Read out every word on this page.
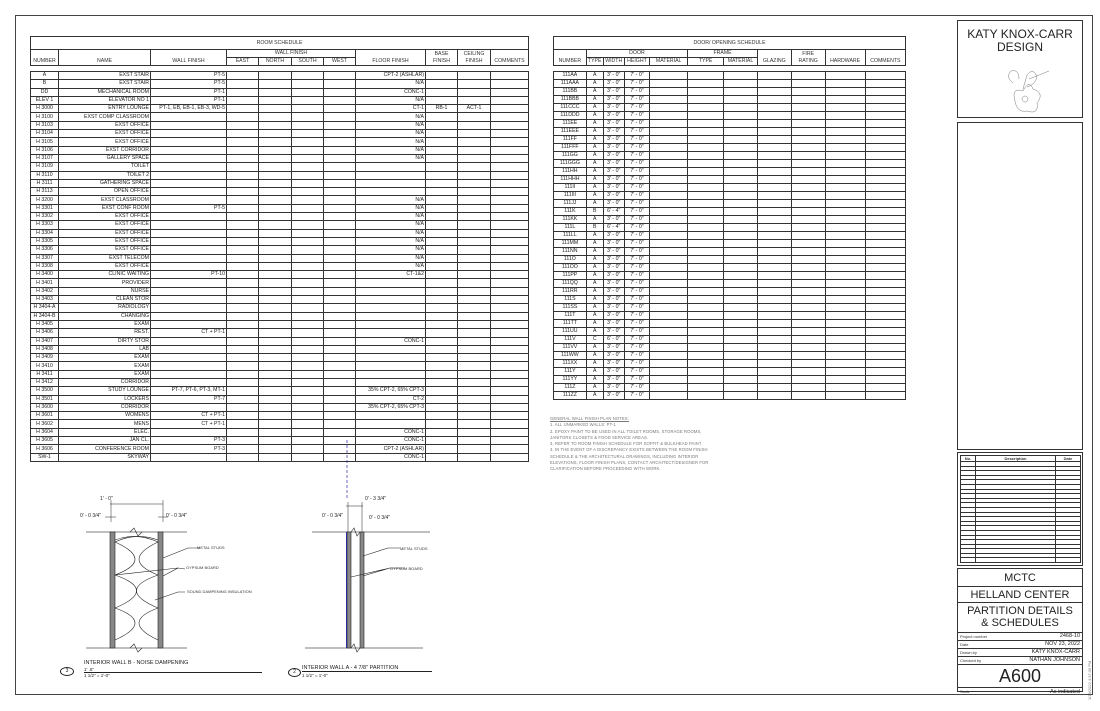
ROOM SCHEDULE										
NUMBER	NAME	WALL FINISH	WALL FINISH				FLOOR FINISH	BASE FINISH	CEILING FINISH	COMMENTS
			EAST	NORTH	SOUTH	WEST				

A	EXST STAIR	PT-5					CPT-2 (ASHLAR)			
B	EXST STAIR	PT-5					N/A			
DD	MECHANICAL ROOM	PT-1					CONC-1			
ELEV 1	ELEVATOR NO 1	PT-1					N/A			
H 3000	ENTRY LOUNGE	PT-1, EB, EB-1, EB-3, WD-5					CT-1	RB-1	ACT-1	
H 3100	EXST COMP CLASSROOM						N/A			
H 3103	EXST OFFICE						N/A			
H 3104	EXST OFFICE						N/A			
H 3105	EXST OFFICE						N/A			
H 3106	EXST CORRIDOR						N/A			
H 3107	GALLERY SPACE						N/A			
H 3109	TOILET									
H 3110	TOILET 2									
H 3111	GATHERING SPACE									
H 3113	OPEN OFFICE									
H 3200	EXST CLASSROOM						N/A			
H 3301	EXST CONF ROOM	PT-5					N/A			
H 3302	EXST OFFICE						N/A			
H 3303	EXST OFFICE						N/A			
H 3304	EXST OFFICE						N/A			
H 3305	EXST OFFICE						N/A			
H 3306	EXST OFFICE						N/A			
H 3307	EXST TELECOM						N/A			
H 3308	EXST OFFICE						N/A			
H 3400	CLINIC WAITING	PT-10					CT-1&2			
H 3401	PROVIDER									
H 3402	NURSE									
H 3403	CLEAN STOR									
H 3404-A	RADIOLOGY									
H 3404-B	CHANGING									
H 3405	EXAM									
H 3406	REST.	CT + PT-1								
H 3407	DIRTY STOR						CONC-1			
H 3408	LAB									
H 3409	EXAM									
H 3410	EXAM									
H 3411	EXAM									
H 3412	CORRIDOR									
H 3500	STUDY LOUNGE	PT-7, PT-6, PT-3, MT-1					35% CPT-2, 65% CPT-3			
H 3501	LOCKERS	PT-7					CT-2			
H 3600	CORRIDOR						35% CPT-2, 65% CPT-3			
H 3601	WOMENS	CT + PT-1								
H 3602	MENS	CT + PT-1								
H 3604	ELEC.						CONC-1			
H 3605	JAN CL.	PT-3					CONC-1			
H 3606	CONFERENCE ROOM	PT-3					CPT-2 (ASHLAR)			
SW-1	SKYWAY						CONC-1			
DOOR/ OPENING SCHEDULE										
NUMBER	DOOR				FRAME		GLAZING	FIRE RATING	HARDWARE	COMMENTS
	TYPE	WIDTH	HEIGHT	MATERIAL	TYPE	MATERIAL				

111AA	A	3' - 0"	7' - 0"							
111AAA	A	3' - 0"	7' - 0"							
111BB	A	3' - 0"	7' - 0"							
111BBB	A	3' - 0"	7' - 0"							
111CCC	A	3' - 0"	7' - 0"							
111DDD	A	3' - 0"	7' - 0"							
111EE	A	3' - 0"	7' - 0"							
111EEE	A	3' - 0"	7' - 0"							
111FF	A	3' - 0"	7' - 0"							
111FFF	A	3' - 0"	7' - 0"							
111GG	A	3' - 0"	7' - 0"							
111GGG	A	3' - 0"	7' - 0"							
111HH	A	3' - 0"	7' - 0"							
111HHH	A	3' - 0"	7' - 0"							
111II	A	3' - 0"	7' - 0"							
111III	A	3' - 0"	7' - 0"							
111JJ	A	3' - 0"	7' - 0"							
111K	B	6' - 4"	7' - 0"							
111KK	A	3' - 0"	7' - 0"							
111L	B	6' - 4"	7' - 0"							
111LL	A	3' - 0"	7' - 0"							
111MM	A	3' - 0"	7' - 0"							
111NN	A	3' - 0"	7' - 0"							
111O	A	3' - 0"	7' - 0"							
111OO	A	3' - 0"	7' - 0"							
111PP	A	3' - 0"	7' - 0"							
111QQ	A	3' - 0"	7' - 0"							
111RR	A	3' - 0"	7' - 0"							
111S	A	3' - 0"	7' - 0"							
111SS	A	3' - 0"	7' - 0"							
111T	A	3' - 0"	7' - 0"							
111TT	A	3' - 0"	7' - 0"							
111UU	A	3' - 0"	7' - 0"							
111V	C	6' - 0"	7' - 0"							
111VV	A	3' - 0"	7' - 0"							
111WW	A	3' - 0"	7' - 0"							
111XX	A	3' - 0"	7' - 0"							
111Y	A	3' - 0"	7' - 0"							
111YY	A	3' - 0"	7' - 0"							
111Z	A	3' - 0"	7' - 0"							
111ZZ	A	3' - 0"	7' - 0"							
GENERAL WALL FINISH PLAN NOTES:
1. ALL UNMARKED WALLS: PT-1
2. EPOXY PAINT TO BE USED IN ALL TOILET ROOMS, STORAGE ROOMS, JANITORS CLOSETS & FOOD SERVICE AREAS.
3. REFER TO ROOM FINISH SCHEDULE FOR SOFFIT & BULKHEAD PAINT
4. IN THE EVENT OF A DISCREPANCY EXISTS BETWEEN THE ROOM FINISH SCHEDULE & THE ARCHITECTURAL DRAWINGS, INCLUDING INTERIOR ELEVATIONS, FLOOR FINISH PLANS, CONTACT ARCHITECT/DESIGNER FOR CLARIFICATION BEFORE PROCEEDING WITH WORK.
1' - 0"
0' - 0 3/4"	0' - 0 3/4"
METAL STUDS
GYPSUM BOARD
SOUND DAMPENING INSULATION
3
INTERIOR WALL B - NOISE DAMPENING
1' .5"
1 1/2" = 1'-0"
0' - 3 3/4"
0' - 0 3/4"	0' - 0 3/4"
METAL STUDS
GYPSUM BOARD
2
INTERIOR WALL A - 4 7/8" PARTITION
1 1/2" = 1'-0"
KATY KNOX-CARR DESIGN
No.	Description	Date

MCTC
HELLAND CENTER
PARTITION DETAILS & SCHEDULES
Project number	2468-10
Date	NOV 23, 2022
Drawn by	KATY KNOX-CARR
Checked by	NATHAN JOHNSON
A600
Scale	As indicated 1/18/2022 4:37:36 PM
